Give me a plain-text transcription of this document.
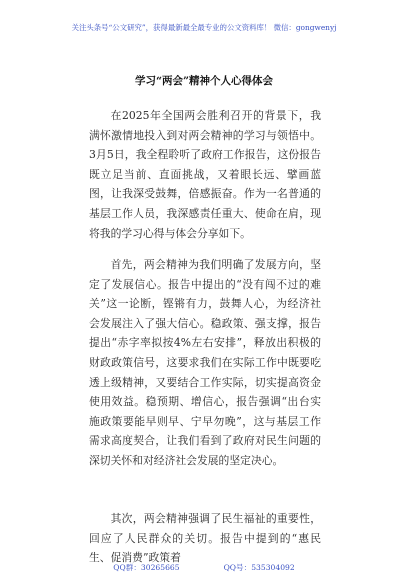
关注头条号“公文研究”，获得最新最全最专业的公文资料库！ 微信：gongwenyj
学习“两会”精神个人心得体会

在2025年全国两会胜利召开的背景下，我满怀激情地投入到对两会精神的学习与领悟中。3月5日，我全程聆听了政府工作报告，这份报告既立足当前、直面挑战，又着眼长远、擘画蓝图，让我深受鼓舞，倍感振奋。作为一名普通的基层工作人员，我深感责任重大、使命在肩，现将我的学习心得与体会分享如下。

首先，两会精神为我们明确了发展方向，坚定了发展信心。报告中提出的“没有闯不过的难关”这一论断，铿锵有力，鼓舞人心，为经济社会发展注入了强大信心。稳政策、强支撑，报告提出“赤字率拟按4%左右安排”，释放出积极的财政政策信号，这要求我们在实际工作中既要吃透上级精神，又要结合工作实际，切实提高资金使用效益。稳预期、增信心，报告强调“出台实施政策要能早则早、宁早勿晚”，这与基层工作需求高度契合，让我们看到了政府对民生问题的深切关怀和对经济社会发展的坚定决心。

其次，两会精神强调了民生福祉的重要性，回应了人民群众的关切。报告中提到的“惠民生、促消费”政策着

QQ群：30265665	QQ号：535304092
